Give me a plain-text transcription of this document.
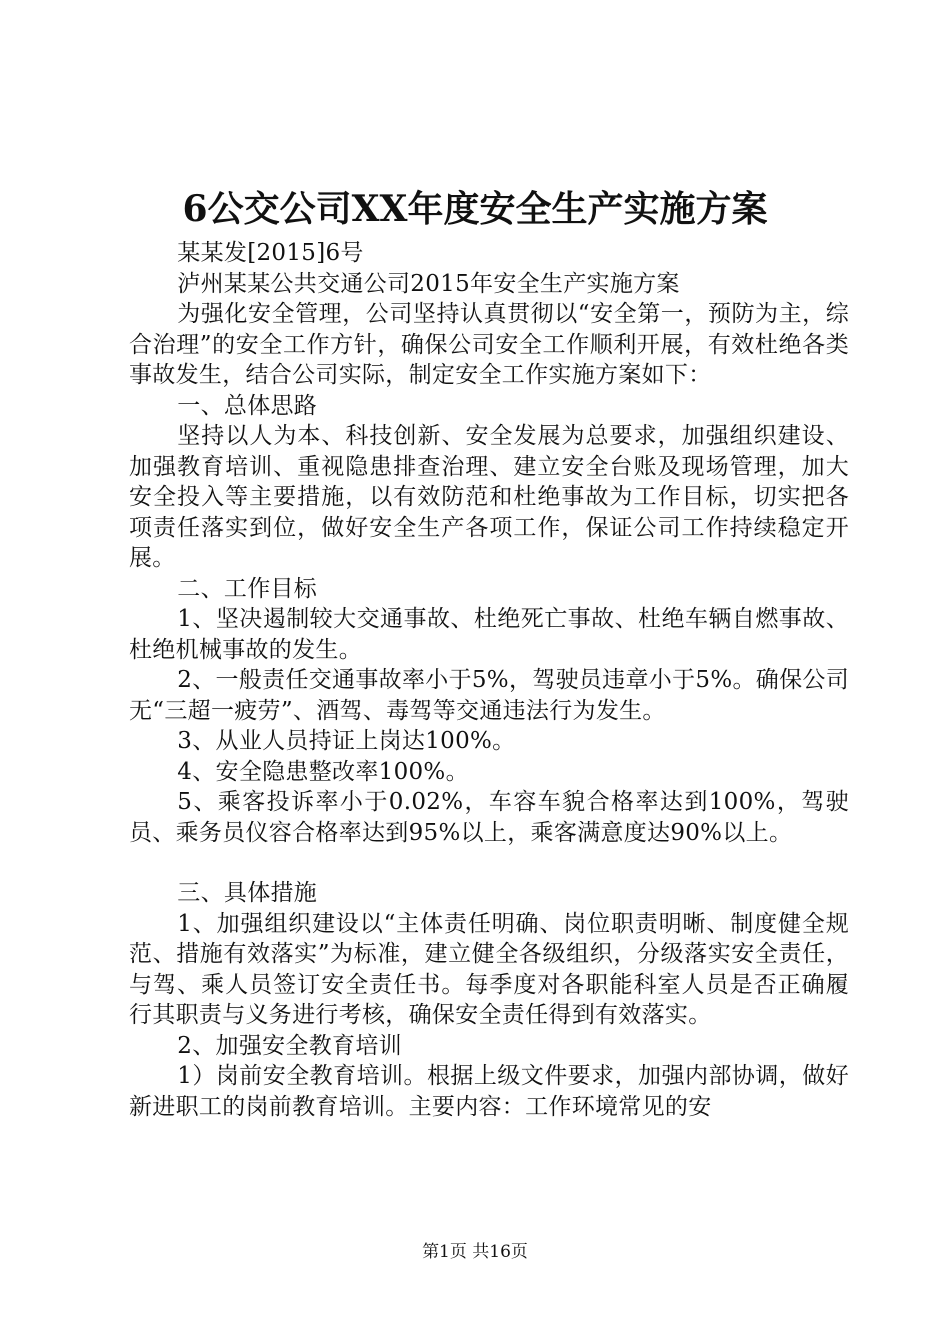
6公交公司XX年度安全生产实施方案

某某发[2015]6号

泸州某某公共交通公司2015年安全生产实施方案

为强化安全管理，公司坚持认真贯彻以“安全第一，预防为主，综合治理”的安全工作方针，确保公司安全工作顺利开展，有效杜绝各类事故发生，结合公司实际，制定安全工作实施方案如下：

一、总体思路

坚持以人为本、科技创新、安全发展为总要求，加强组织建设、加强教育培训、重视隐患排查治理、建立安全台账及现场管理，加大安全投入等主要措施，以有效防范和杜绝事故为工作目标，切实把各项责任落实到位，做好安全生产各项工作，保证公司工作持续稳定开展。

二、工作目标

1、坚决遏制较大交通事故、杜绝死亡事故、杜绝车辆自燃事故、杜绝机械事故的发生。

2、一般责任交通事故率小于5%，驾驶员违章小于5%。确保公司无“三超一疲劳”、酒驾、毒驾等交通违法行为发生。

3、从业人员持证上岗达100%。

4、安全隐患整改率100%。

5、乘客投诉率小于0.02%，车容车貌合格率达到100%，驾驶员、乘务员仪容合格率达到95%以上，乘客满意度达90%以上。

三、具体措施

1、加强组织建设以“主体责任明确、岗位职责明晰、制度健全规范、措施有效落实”为标准，建立健全各级组织，分级落实安全责任，与驾、乘人员签订安全责任书。每季度对各职能科室人员是否正确履行其职责与义务进行考核，确保安全责任得到有效落实。

2、加强安全教育培训

1）岗前安全教育培训。根据上级文件要求，加强内部协调，做好新进职工的岗前教育培训。主要内容：工作环境常见的安

第1页 共16页
